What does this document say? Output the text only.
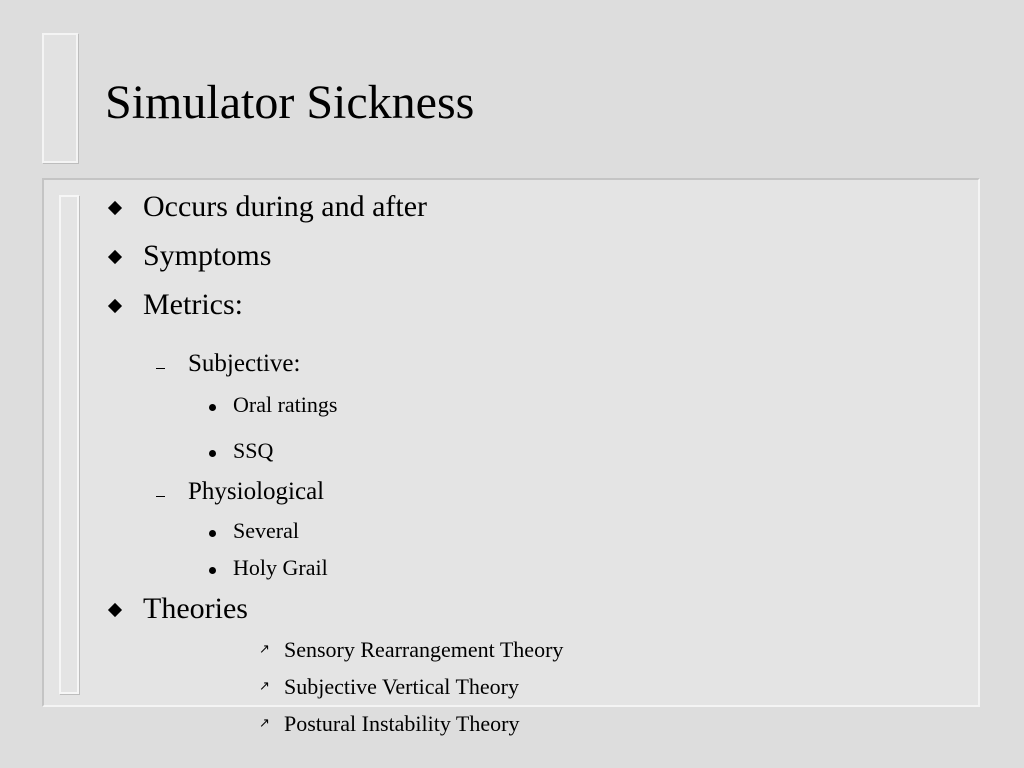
Simulator Sickness
Occurs during and after
Symptoms
Metrics:
Subjective:
Oral ratings
SSQ
Physiological
Several
Holy Grail
Theories
↗ Sensory Rearrangement Theory
↗ Subjective Vertical Theory
↗ Postural Instability Theory
